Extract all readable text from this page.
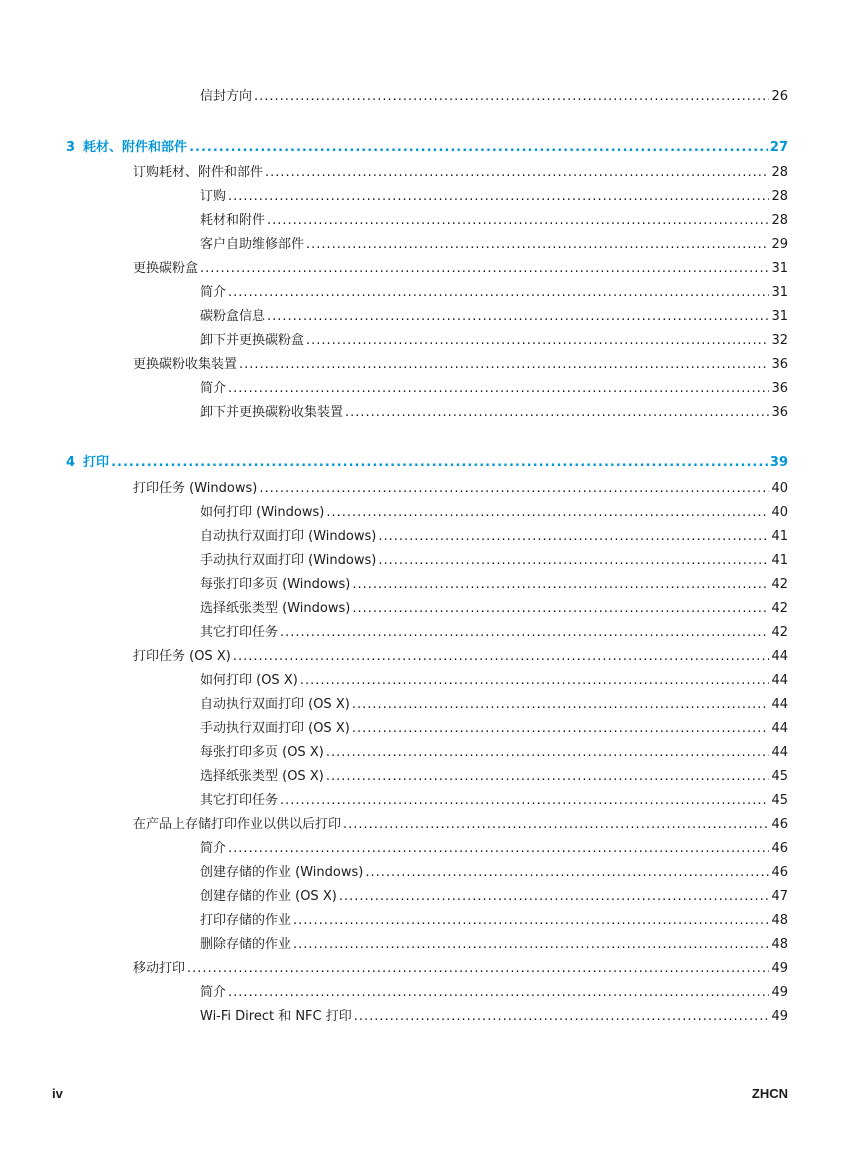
信封方向 .....	26
3 耗材、附件和部件 .....	27
订购耗材、附件和部件 .....	28
订购 .....	28
耗材和附件 .....	28
客户自助维修部件 .....	29
更换碳粉盒 .....	31
简介 .....	31
碳粉盒信息 .....	31
卸下并更换碳粉盒 .....	32
更换碳粉收集装置 .....	36
简介 .....	36
卸下并更换碳粉收集装置 .....	36
4 打印 .....	39
打印任务 (Windows) .....	40
如何打印 (Windows) .....	40
自动执行双面打印 (Windows) .....	41
手动执行双面打印 (Windows) .....	41
每张打印多页 (Windows) .....	42
选择纸张类型 (Windows) .....	42
其它打印任务 .....	42
打印任务 (OS X) .....	44
如何打印 (OS X) .....	44
自动执行双面打印 (OS X) .....	44
手动执行双面打印 (OS X) .....	44
每张打印多页 (OS X) .....	44
选择纸张类型 (OS X) .....	45
其它打印任务 .....	45
在产品上存储打印作业以供以后打印 .....	46
简介 .....	46
创建存储的作业 (Windows) .....	46
创建存储的作业 (OS X) .....	47
打印存储的作业 .....	48
删除存储的作业 .....	48
移动打印 .....	49
简介 .....	49
Wi-Fi Direct 和 NFC 打印 .....	49
iv	ZHCN
